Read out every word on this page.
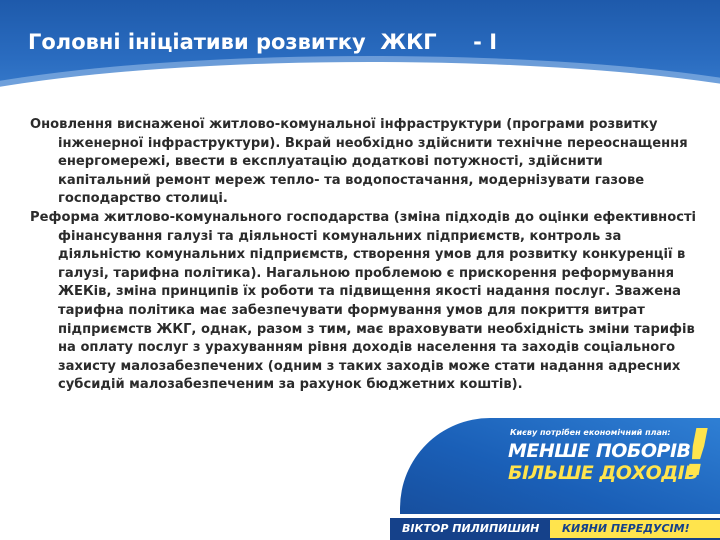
Головні ініціативи розвитку  ЖКГ     - I

Оновлення виснаженої житлово-комунальної інфраструктури (програми розвитку інженерної інфраструктури). Вкрай необхідно здійснити технічне переоснащення енергомережі, ввести в експлуатацію додаткові потужності, здійснити капітальний ремонт мереж тепло- та водопостачання, модернізувати газове господарство столиці.

Реформа житлово-комунального господарства (зміна підходів до оцінки ефективності фінансування галузі та діяльності комунальних підприємств, контроль за діяльністю комунальних підприємств, створення умов для розвитку конкуренції в галузі, тарифна політика). Нагальною проблемою є прискорення реформування ЖЕКів, зміна принципів їх роботи та підвищення якості надання послуг. Зважена тарифна політика має забезпечувати формування умов для покриття витрат підприємств ЖКГ, однак, разом з тим, має враховувати необхідність зміни тарифів на оплату послуг з урахуванням рівня доходів населення та заходів соціального захисту малозабезпечених (одним з таких заходів може стати надання адресних субсидій малозабезпеченим за рахунок бюджетних коштів).

Києву потрібен економічний план:
МЕНШЕ ПОБОРІВ
БІЛЬШЕ ДОХОДІВ
!
ВІКТОР ПИЛИПИШИН КИЯНИ ПЕРЕДУСІМ!
